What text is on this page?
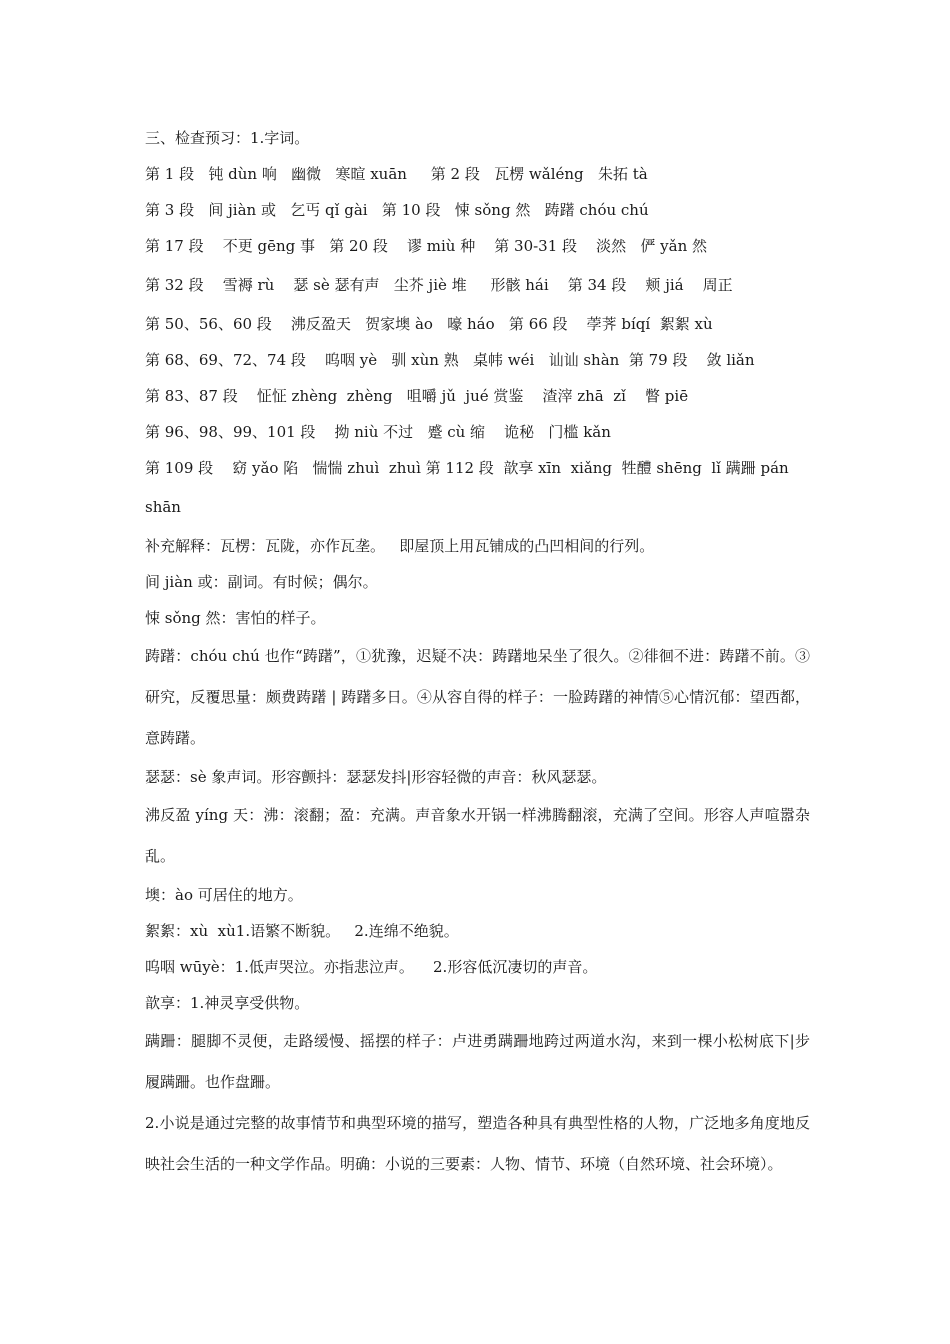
三、检查预习：1.字词。
第 1 段   钝 dùn 响   幽微   寒暄 xuān     第 2 段   瓦楞 wǎléng   朱拓 tà
第 3 段   间 jiàn 或   乞丐 qǐ gài   第 10 段   悚 sǒng 然   踌躇 chóu chú
第 17 段    不更 gēng 事   第 20 段    谬 miù 种    第 30-31 段    淡然   俨 yǎn 然
第 32 段    雪褥 rù    瑟 sè 瑟有声   尘芥 jiè 堆     形骸 hái    第 34 段    颊 jiá    周正
第 50、56、60 段    沸反盈天   贺家墺 ào   嚎 háo   第 66 段    荸荠 bíqí  絮絮 xù
第 68、69、72、74 段    呜咽 yè   驯 xùn 熟   桌帏 wéi   讪讪 shàn  第 79 段    敛 liǎn
第 83、87 段    怔怔 zhèng  zhèng   咀嚼 jǔ  jué 赏鉴    渣滓 zhā  zǐ    瞥 piē
第 96、98、99、101 段    拗 niù 不过   蹙 cù 缩    诡秘   门槛 kǎn
第 109 段    窈 yǎo 陷   惴惴 zhuì  zhuì 第 112 段  歆享 xīn  xiǎng  牲醴 shēng  lǐ 蹒跚 pán
shān
补充解释：瓦楞：瓦陇，亦作瓦垄。   即屋顶上用瓦铺成的凸凹相间的行列。
间 jiàn 或：副词。有时候；偶尔。
悚 sǒng 然：害怕的样子。

踌躇：chóu chú 也作“踌躇”，①犹豫，迟疑不决：踌躇地呆坐了很久。②徘徊不进：踌躇不前。③研究，反覆思量：颇费踌躇 | 踌躇多日。④从容自得的样子：一脸踌躇的神情⑤心情沉郁：望西都，意踌躇。

瑟瑟：sè 象声词。形容颤抖：瑟瑟发抖|形容轻微的声音：秋风瑟瑟。

沸反盈 yíng 天：沸：滚翻；盈：充满。声音象水开锅一样沸腾翻滚，充满了空间。形容人声喧嚣杂乱。

墺：ào 可居住的地方。
絮絮：xù  xù1.语繁不断貌。   2.连绵不绝貌。
呜咽 wūyè：1.低声哭泣。亦指悲泣声。    2.形容低沉凄切的声音。
歆享：1.神灵享受供物。

蹒跚：腿脚不灵便，走路缓慢、摇摆的样子：卢进勇蹒跚地跨过两道水沟，来到一棵小松树底下|步履蹒跚。也作盘跚。

2.小说是通过完整的故事情节和典型环境的描写，塑造各种具有典型性格的人物，广泛地多角度地反映社会生活的一种文学作品。明确：小说的三要素：人物、情节、环境（自然环境、社会环境）。
